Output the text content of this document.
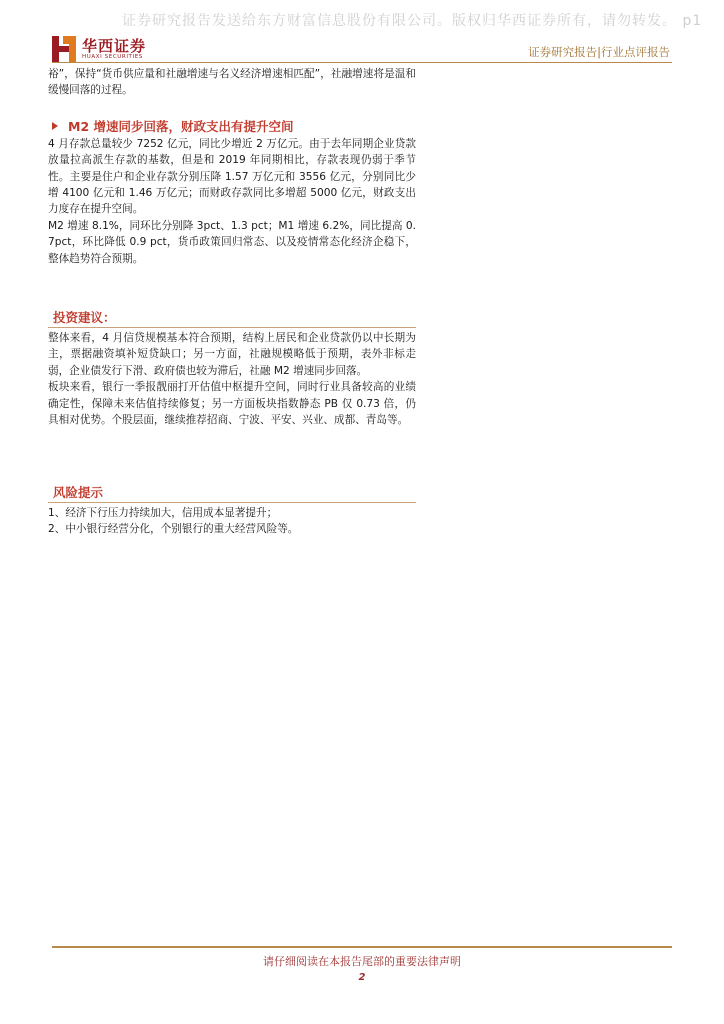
证券研究报告发送给东方财富信息股份有限公司。版权归华西证券所有，请勿转发。 p1
华西证券
HUAXI SECURITIES	证券研究报告|行业点评报告

裕”，保持“货币供应量和社融增速与名义经济增速相匹配”，社融增速将是温和缓慢回落的过程。

M2 增速同步回落，财政支出有提升空间

4 月存款总量较少 7252 亿元，同比少增近 2 万亿元。由于去年同期企业贷款放量拉高派生存款的基数，但是和 2019 年同期相比，存款表现仍弱于季节性。主要是住户和企业存款分别压降 1.57 万亿元和 3556 亿元，分别同比少增 4100 亿元和 1.46 万亿元；而财政存款同比多增超 5000 亿元，财政支出力度存在提升空间。

M2 增速 8.1%，同环比分别降 3pct、1.3 pct；M1 增速 6.2%，同比提高 0.7pct，环比降低 0.9 pct，货币政策回归常态、以及疫情常态化经济企稳下，整体趋势符合预期。

投资建议：

整体来看，4 月信贷规模基本符合预期，结构上居民和企业贷款仍以中长期为主，票据融资填补短贷缺口；另一方面，社融规模略低于预期，表外非标走弱，企业债发行下滑、政府债也较为滞后，社融 M2 增速同步回落。

板块来看，银行一季报靓丽打开估值中枢提升空间，同时行业具备较高的业绩确定性，保障未来估值持续修复；另一方面板块指数静态 PB 仅 0.73 倍，仍具相对优势。个股层面，继续推荐招商、宁波、平安、兴业、成都、青岛等。

风险提示

1、经济下行压力持续加大，信用成本显著提升；

2、中小银行经营分化，个别银行的重大经营风险等。

请仔细阅读在本报告尾部的重要法律声明
2
